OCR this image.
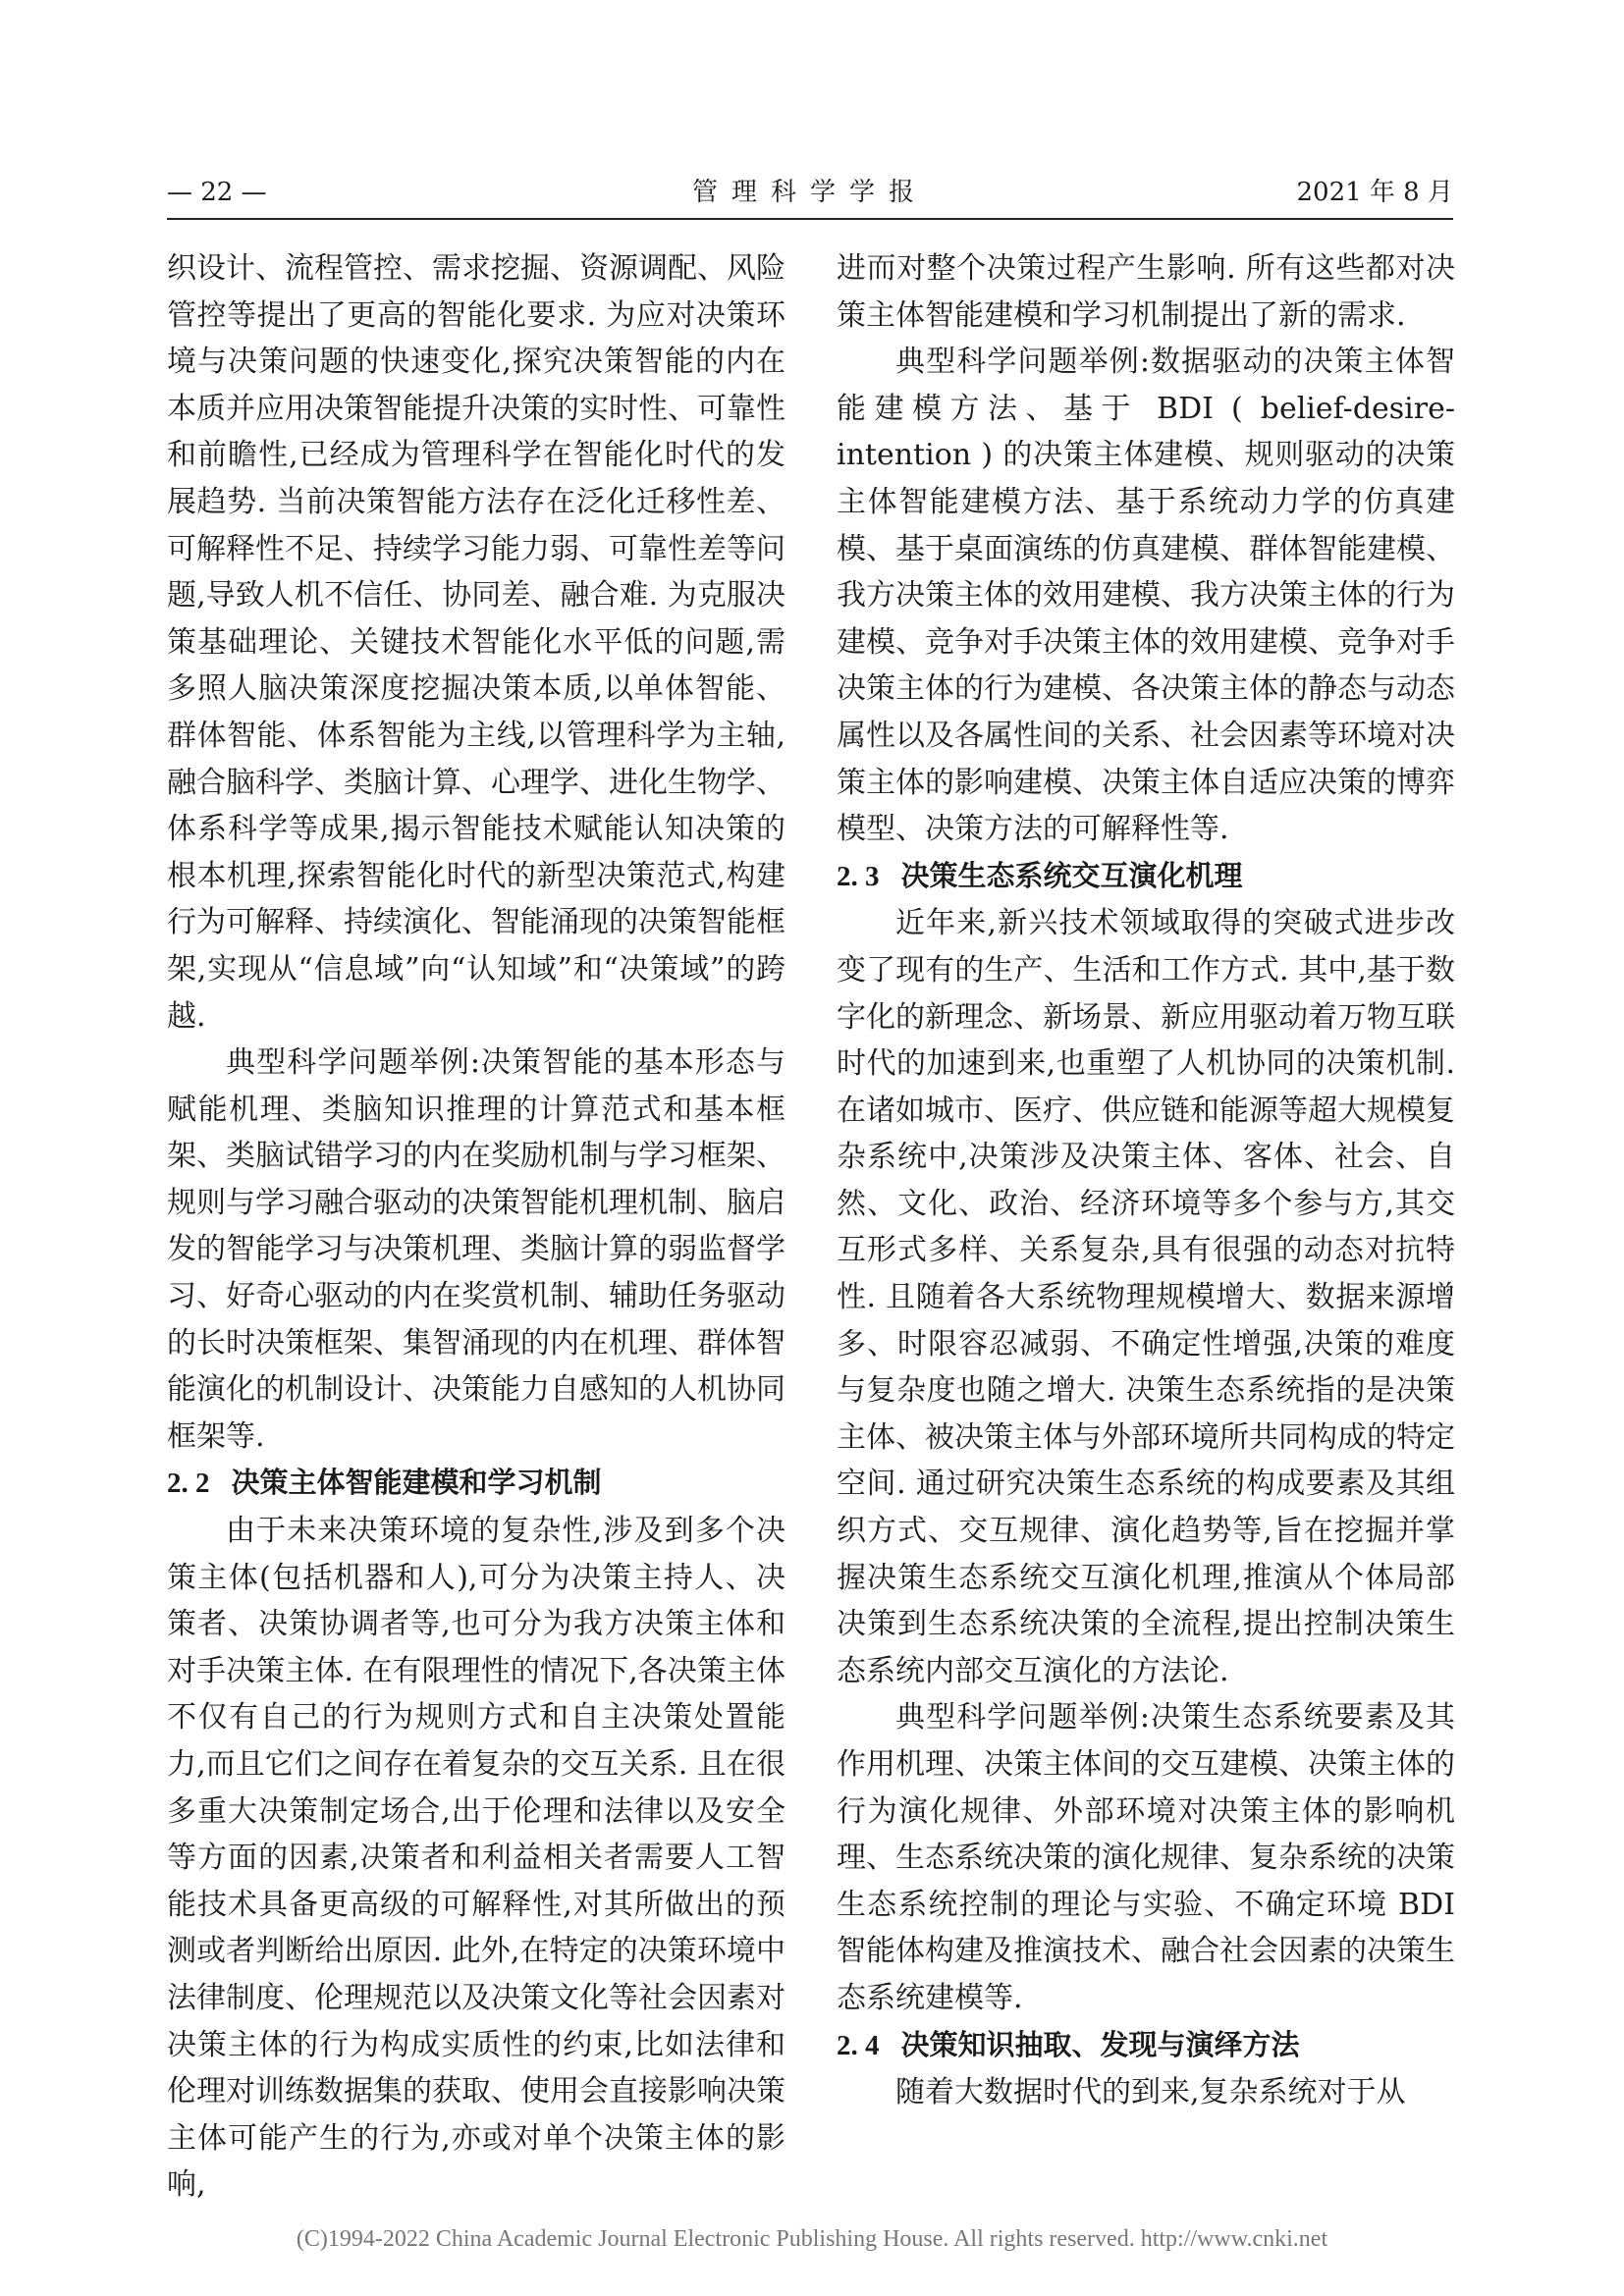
管理科学学报
— 22 —	2021 年 8 月

织设计、流程管控、需求挖掘、资源调配、风险管控等提出了更高的智能化要求. 为应对决策环境与决策问题的快速变化,探究决策智能的内在本质并应用决策智能提升决策的实时性、可靠性和前瞻性,已经成为管理科学在智能化时代的发展趋势. 当前决策智能方法存在泛化迁移性差、可解释性不足、持续学习能力弱、可靠性差等问题,导致人机不信任、协同差、融合难. 为克服决策基础理论、关键技术智能化水平低的问题,需多照人脑决策深度挖掘决策本质,以单体智能、群体智能、体系智能为主线,以管理科学为主轴,融合脑科学、类脑计算、心理学、进化生物学、体系科学等成果,揭示智能技术赋能认知决策的根本机理,探索智能化时代的新型决策范式,构建行为可解释、持续演化、智能涌现的决策智能框架,实现从“信息域”向“认知域”和“决策域”的跨越.

典型科学问题举例:决策智能的基本形态与赋能机理、类脑知识推理的计算范式和基本框架、类脑试错学习的内在奖励机制与学习框架、规则与学习融合驱动的决策智能机理机制、脑启发的智能学习与决策机理、类脑计算的弱监督学习、好奇心驱动的内在奖赏机制、辅助任务驱动的长时决策框架、集智涌现的内在机理、群体智能演化的机制设计、决策能力自感知的人机协同框架等.

2. 2 决策主体智能建模和学习机制

由于未来决策环境的复杂性,涉及到多个决策主体(包括机器和人),可分为决策主持人、决策者、决策协调者等,也可分为我方决策主体和对手决策主体. 在有限理性的情况下,各决策主体不仅有自己的行为规则方式和自主决策处置能力,而且它们之间存在着复杂的交互关系. 且在很多重大决策制定场合,出于伦理和法律以及安全等方面的因素,决策者和利益相关者需要人工智能技术具备更高级的可解释性,对其所做出的预测或者判断给出原因. 此外,在特定的决策环境中法律制度、伦理规范以及决策文化等社会因素对决策主体的行为构成实质性的约束,比如法律和伦理对训练数据集的获取、使用会直接影响决策主体可能产生的行为,亦或对单个决策主体的影响,

进而对整个决策过程产生影响. 所有这些都对决策主体智能建模和学习机制提出了新的需求.

典型科学问题举例:数据驱动的决策主体智能建模方法、基于 BDI ( belief-desire-intention ) 的决策主体建模、规则驱动的决策主体智能建模方法、基于系统动力学的仿真建模、基于桌面演练的仿真建模、群体智能建模、我方决策主体的效用建模、我方决策主体的行为建模、竞争对手决策主体的效用建模、竞争对手决策主体的行为建模、各决策主体的静态与动态属性以及各属性间的关系、社会因素等环境对决策主体的影响建模、决策主体自适应决策的博弈模型、决策方法的可解释性等.

2. 3 决策生态系统交互演化机理

近年来,新兴技术领域取得的突破式进步改变了现有的生产、生活和工作方式. 其中,基于数字化的新理念、新场景、新应用驱动着万物互联时代的加速到来,也重塑了人机协同的决策机制. 在诸如城市、医疗、供应链和能源等超大规模复杂系统中,决策涉及决策主体、客体、社会、自然、文化、政治、经济环境等多个参与方,其交互形式多样、关系复杂,具有很强的动态对抗特性. 且随着各大系统物理规模增大、数据来源增多、时限容忍减弱、不确定性增强,决策的难度与复杂度也随之增大. 决策生态系统指的是决策主体、被决策主体与外部环境所共同构成的特定空间. 通过研究决策生态系统的构成要素及其组织方式、交互规律、演化趋势等,旨在挖掘并掌握决策生态系统交互演化机理,推演从个体局部决策到生态系统决策的全流程,提出控制决策生态系统内部交互演化的方法论.

典型科学问题举例:决策生态系统要素及其作用机理、决策主体间的交互建模、决策主体的行为演化规律、外部环境对决策主体的影响机理、生态系统决策的演化规律、复杂系统的决策生态系统控制的理论与实验、不确定环境 BDI 智能体构建及推演技术、融合社会因素的决策生态系统建模等.

2. 4 决策知识抽取、发现与演绎方法

随着大数据时代的到来,复杂系统对于从

(C)1994-2022 China Academic Journal Electronic Publishing House. All rights reserved. http://www.cnki.net
